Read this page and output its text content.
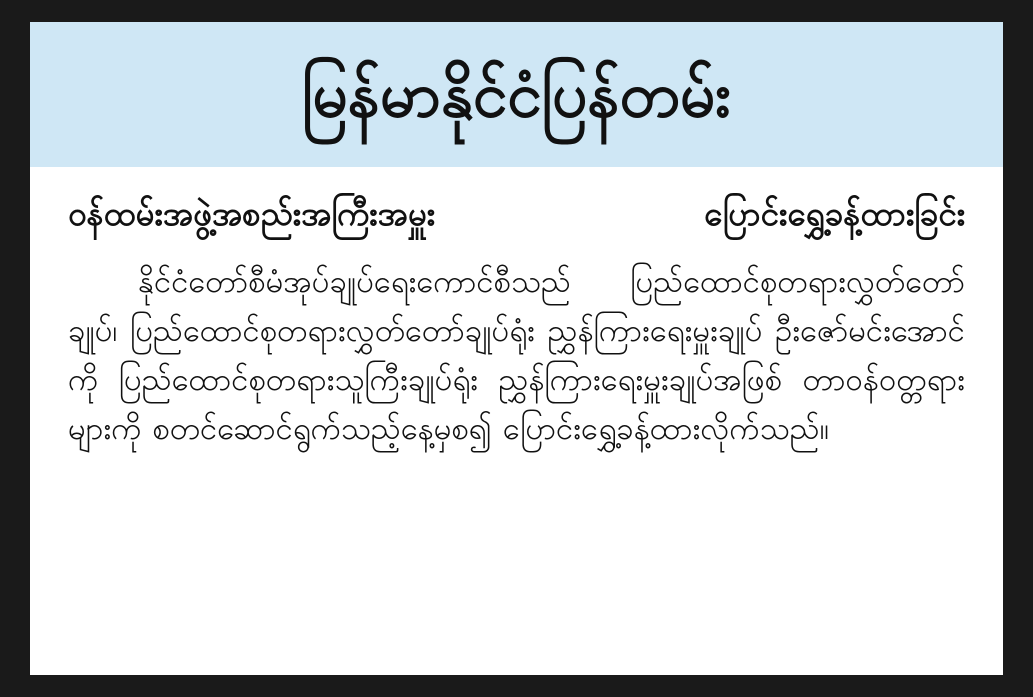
မြန်မာနိုင်ငံပြန်တမ်း
ဝန်ထမ်းအဖွဲ့အစည်းအကြီးအမှူး ပြောင်းရွှေ့ခန့်ထားခြင်း

နိုင်ငံတော်စီမံအုပ်ချုပ်ရေးကောင်စီသည် ပြည်ထောင်စုတရားလွှတ်တော်ချုပ်၊ ပြည်ထောင်စုတရားလွှတ်တော်ချုပ်ရုံး ညွှန်ကြားရေးမှူးချုပ် ဦးဇော်မင်းအောင် ကို ပြည်ထောင်စုတရားသူကြီးချုပ်ရုံး ညွှန်ကြားရေးမှူးချုပ်အဖြစ် တာဝန်ဝတ္တရားများကို စတင်ဆောင်ရွက်သည့်နေ့မှစ၍ ပြောင်းရွှေ့ခန့်ထားလိုက်သည်။
